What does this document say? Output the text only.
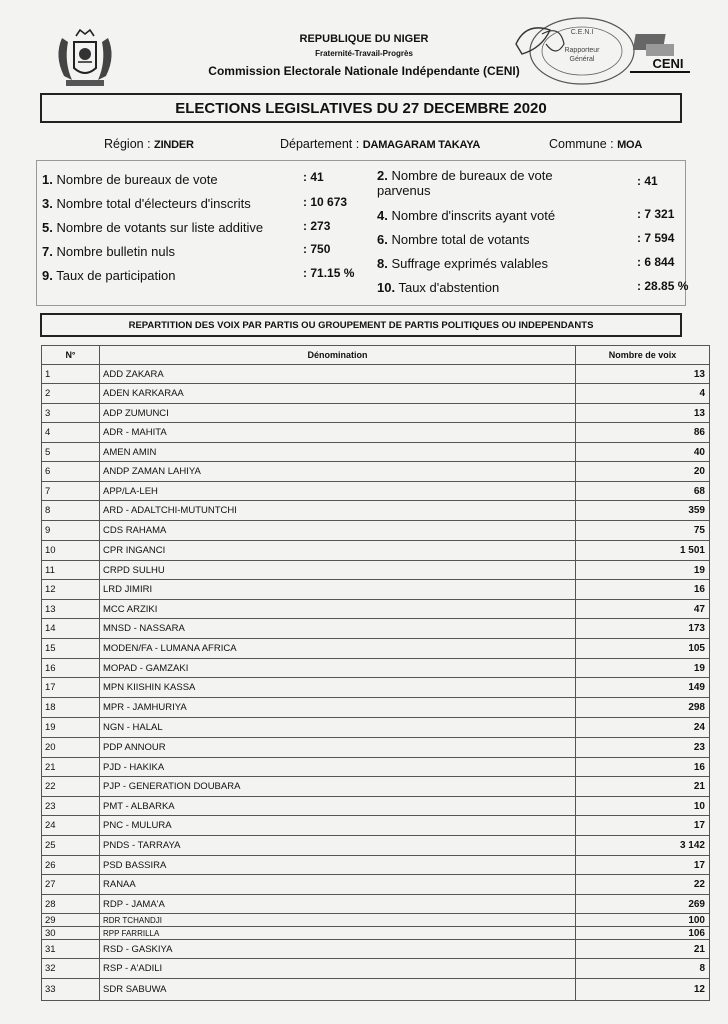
REPUBLIQUE DU NIGER
Fraternité-Travail-Progrès
Commission Electorale Nationale Indépendante (CENI)
C.E.N.I
Rapporteur
Général	CENI
ELECTIONS LEGISLATIVES DU 27 DECEMBRE 2020
Région : ZINDER	Département : DAMAGARAM TAKAYA	Commune : MOA
1. Nombre de bureaux de vote	: 41
3. Nombre total d'électeurs d'inscrits	: 10 673
5. Nombre de votants sur liste additive	: 273
7. Nombre bulletin nuls	: 750
9. Taux de participation	: 71.15 %
2. Nombre de bureaux de vote parvenus
: 41
4. Nombre d'inscrits ayant voté	: 7 321
6. Nombre total de votants	: 7 594
8. Suffrage exprimés valables	: 6 844
10. Taux d'abstention	: 28.85 %
REPARTITION DES VOIX PAR PARTIS OU GROUPEMENT DE PARTIS POLITIQUES OU INDEPENDANTS
N°	Dénomination	Nombre de voix
1	ADD ZAKARA	13
2	ADEN KARKARAA	4
3	ADP ZUMUNCI	13
4	ADR - MAHITA	86
5	AMEN AMIN	40
6	ANDP ZAMAN LAHIYA	20
7	APP/LA-LEH	68
8	ARD - ADALTCHI-MUTUNTCHI	359
9	CDS RAHAMA	75
10	CPR INGANCI	1 501
11	CRPD SULHU	19
12	LRD JIMIRI	16
13	MCC ARZIKI	47
14	MNSD - NASSARA	173
15	MODEN/FA - LUMANA AFRICA	105
16	MOPAD - GAMZAKI	19
17	MPN KIISHIN KASSA	149
18	MPR - JAMHURIYA	298
19	NGN - HALAL	24
20	PDP ANNOUR	23
21	PJD - HAKIKA	16
22	PJP - GENERATION DOUBARA	21
23	PMT - ALBARKA	10
24	PNC - MULURA	17
25	PNDS - TARRAYA	3 142
26	PSD BASSIRA	17
27	RANAA	22
28	RDP - JAMA'A	269
29	RDR TCHANDJI	100
30	RPP FARRILLA	106
31	RSD - GASKIYA	21
32	RSP - A'ADILI	8
33	SDR SABUWA	12
